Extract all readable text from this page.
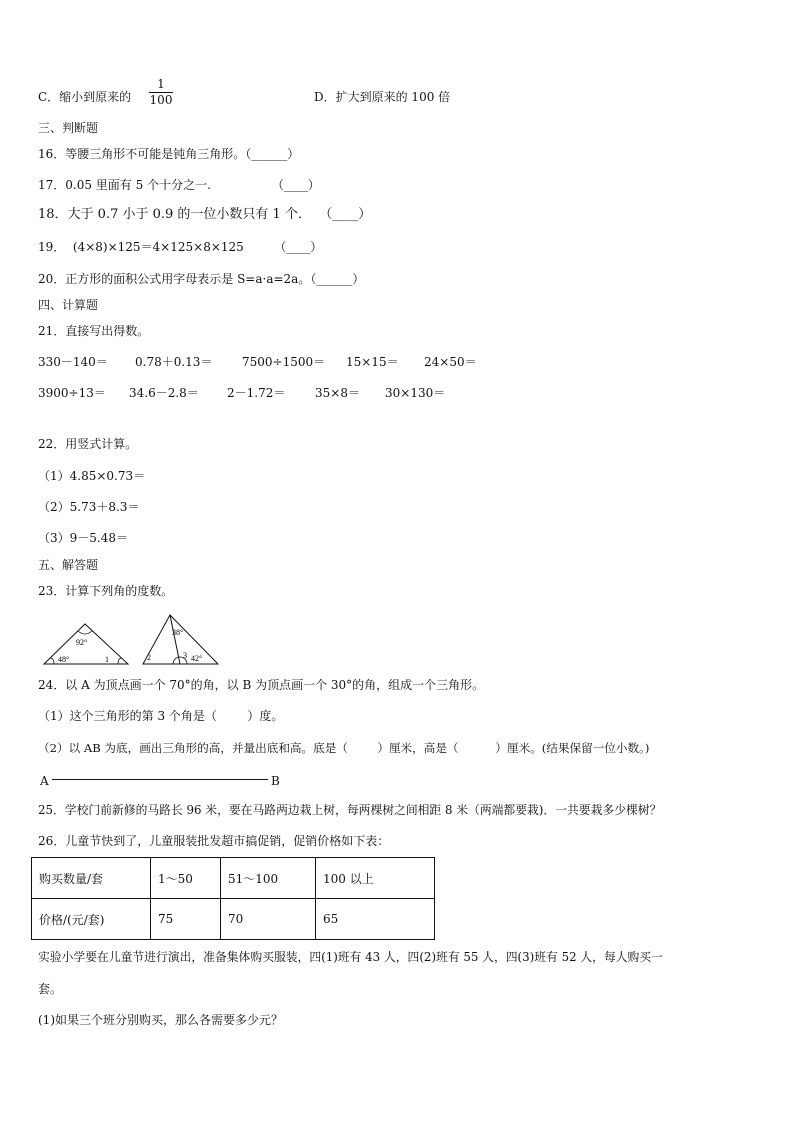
C．缩小到原来的
1
100	D．扩大到原来的 100 倍
三、判断题
16．等腰三角形不可能是钝角三角形。（______）
17．0.05 里面有 5 个十分之一.                （____）
18．大于 0.7 小于 0.9 的一位小数只有 1 个．  （____）
19．  (4×8)×125＝4×125×8×125        （____）
20．正方形的面积公式用字母表示是 S=a·a=2a。（______）
四、计算题
21．直接写出得数。
330－140＝ 0.78＋0.13＝ 7500÷1500＝ 15×15＝ 24×50＝
3900÷13＝ 34.6－2.8＝ 2－1.72＝ 35×8＝ 30×130＝
22．用竖式计算。
（1）4.85×0.73＝
（2）5.73＋8.3＝
（3）9－5.48＝
五、解答题
23．计算下列角的度数。
92°
48°	1
38°
2	3 42°
24．以 A 为顶点画一个 70°的角，以 B 为顶点画一个 30°的角，组成一个三角形。
（1）这个三角形的第 3 个角是（        ）度。
（2）以 AB 为底，画出三角形的高，并量出底和高。底是（        ）厘米，高是（          ）厘米。(结果保留一位小数。)
A	B
25．学校门前新修的马路长 96 米，要在马路两边栽上树，每两棵树之间相距 8 米（两端都要栽)．一共要栽多少棵树？
26．儿童节快到了，儿童服装批发超市搞促销，促销价格如下表：
购买数量/套	1～50	51～100	100 以上
价格/(元/套)	75	70	65
实验小学要在儿童节进行演出，准备集体购买服装，四(1)班有 43 人，四(2)班有 55 人，四(3)班有 52 人，每人购买一
套。
(1)如果三个班分别购买，那么各需要多少元？
